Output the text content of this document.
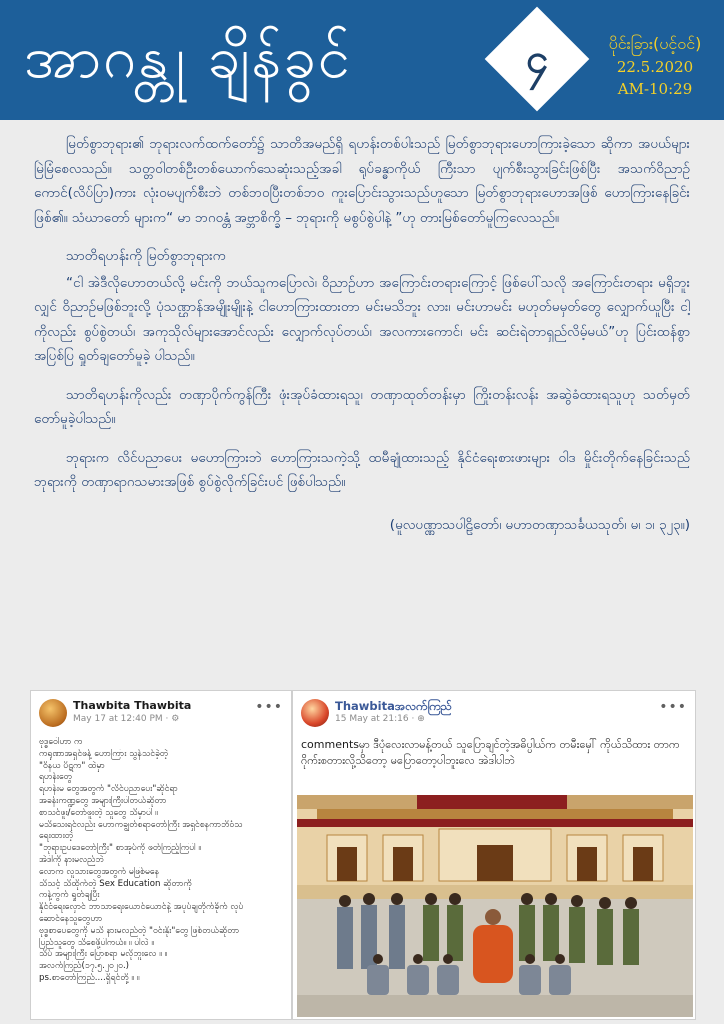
အာဂန္တု ချိန်ခွင်	၄	ပိုင်းခြား(ပင့်ဝင်)
22.5.2020
AM-10:29

မြတ်စွာဘုရား၏ ဘုရားလက်ထက်တော်၌ သာတိအမည်ရှိ ရဟန်းတစ်ပါးသည် မြတ်စွာဘုရားဟောကြားခဲ့သော ဆိုကာ အပယ်များ မြဲမြံစေလသည်။ သတ္တဝါတစ်ဦးတစ်ယောက်သေဆုံးသည့်အခါ ရုပ်ခန္ဓာကိုယ် ကြီးသာ ပျက်စီးသွားခြင်းဖြစ်ပြီး အသက်ဝိညာဉ်ကောင်(လိပ်ပြာ)ကား လုံးဝမပျက်စီးဘဲ တစ်ဘဝပြီးတစ်ဘဝ ကူးပြောင်းသွားသည်ဟူသော မြတ်စွာဘုရားဟောအဖြစ် ဟောကြားနေခြင်းဖြစ်၏။ သံဃာတော် များက“ မာ ဘဂဝန္တံ အဗ္ဘာစိက္ခိ – ဘုရားကို မစွပ်စွဲပါနဲ့ ”ဟု တားမြစ်တော်မူကြလေသည်။

သာတိရဟန်းကို မြတ်စွာဘုရားက

“ငါ အဲဒီလိုဟောတယ်လို့ မင်းကို ဘယ်သူကပြောလဲ၊ ဝိညာဉ်ဟာ အကြောင်းတရားကြောင့် ဖြစ်ပေါ်သလို အကြောင်းတရား မရှိဘူးလျှင် ဝိညာဉ်မဖြစ်ဘူးလို့ ပုံသဏ္ဌာန်အမျိုးမျိုးနဲ့ ငါဟောကြားထားတာ မင်းမသိဘူး လား၊ မင်းဟာမင်း မဟုတ်မမှတ်တွေ လျှောက်ယူပြီး ငါ့ကိုလည်း စွပ်စွဲတယ်၊ အကုသိုလ်များအောင်လည်း လျှောက်လုပ်တယ်၊ အလကားကောင်၊ မင်း ဆင်းရဲတာရှည်လိမ့်မယ်”ဟု ပြင်းထန်စွာ အပြစ်ပြ ရှုတ်ချတော်မူခဲ့ ပါသည်။

သာတိရဟန်းကိုလည်း တဏှာပိုက်ကွန်ကြီး ဖုံးအုပ်ခံထားရသူ၊ တဏှာထုတ်တန်းမှာ ကြိုးတန်းလန်း အဆွဲခံထားရသူဟု သတ်မှတ်တော်မူခဲ့ပါသည်။

ဘုရားက လိင်ပညာပေး မဟောကြားဘဲ ဟောကြားသကဲ့သို့ ထမီချုံထားသည့် နိုင်ငံရေးစားဖားများ ဝါဒ မှိုင်းတိုက်နေခြင်းသည် ဘုရားကို တဏှာရာဂသမားအဖြစ် စွပ်စွဲလိုက်ခြင်းပင် ဖြစ်ပါသည်။

(မူလပဏ္ဏာသပါဠိတော်၊ မဟာတဏှာသင်္ခယသုတ်၊ မ၊ ၁၊ ၃၂၃။)

Thawbita Thawbita
May 17 at 12:40 PM · ⚙
•••
ဗုဒ္ဓဝေါဟာ က
ကရုဏာအရှင်ဖန့် ဟောကြား သွန်သင်ခဲ့တဲ့
"ဝိနယ ပိဋက" ထဲမှာ
ရဟန်းတွေ
ရဟန်းမ တွေအတွက် "လိင်ပညာပေး"ဆိုင်ရာ
အခန်းကဏ္ဍတွေ အများကြီးပါတယ်ဆိုတာ
စာသင်ဖူး/တော်ဖူးတဲ့ သူတွေ သိမှာပါ ။
မသိသေးရင်လည်း ဟောကချွတ်စရာတော်ကြီး အရှင်စနကာဘိဝံသ
ရေးထားတဲ့
"ဘုရားဥပဒေတော်ကြီး" စာအုပ်ကို ဖတ်ကြည့်ကြပါ ။
အဲဒါကို နားမလည်ဘဲ
လောက လူသားတွေအတွက် မဖြစ်မနေ
သိသင့် သိထိုက်တဲ့ Sex Education ဆိုတာကို
ကန့်ကွက် ရှုတ်ချပြီး
နိုင်ငံရေးလှောင် ဘာသာရေးယောင်ယောင်နဲ့ အပုပ်ချတိုက်ခိုက် လုပ်
ဆောင်နေသူတွေဟာ
ဗုဒ္ဓစာပေတွေကို မသိ နားမလည်တဲ့ "ဝင်းနိုး"တွေ ဖြစ်တယ်ဆိုတာ
ပြည်သူတွေ သိစေဖို့ပါကယ်။ ။ ပါလဲ ။
သိပ် အများကြီး ပြောစရာ မလိုဘူးလေ ။ ။
အလက်ကြည်(၁၇.၅.၂၀၂၀.)
ps.စာတော်ကြည်....ရှိရင်တို့ ။ ။
Thawbitaအလက်ကြည်
15 May at 21:16 · ⊕
•••
commentsမှာ ဒီပုံလေးလာမန့်တယ် သူပြောချင်တဲ့အဓိပ္ပါယ်က တမီးမှေါ် ကိုယ်သိထား တာက ဂိုက်းစတားလို့သိတော့ မပြောတော့ပါဘူးလေ အဲဒါပါဘဲ
